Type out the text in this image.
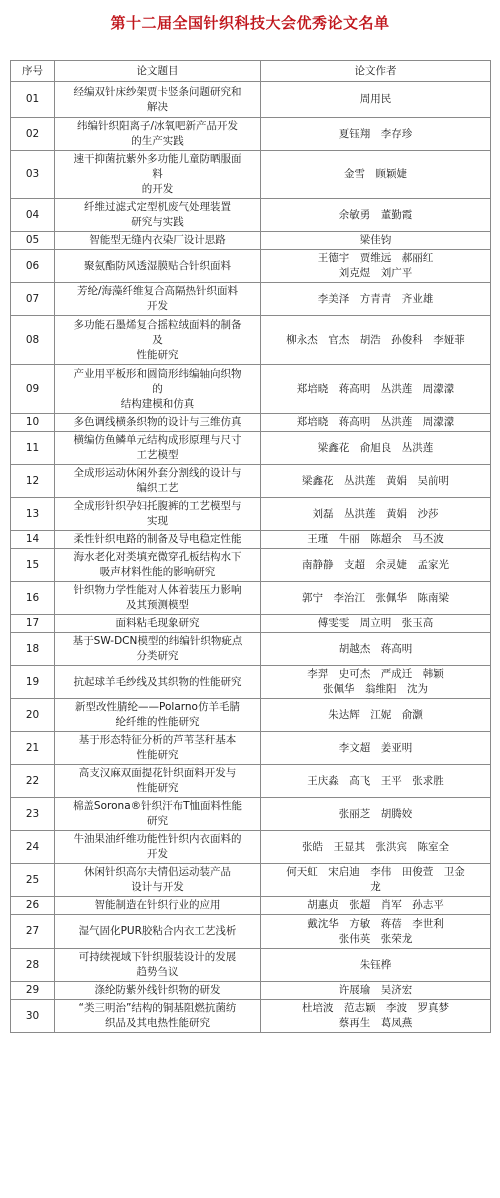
第十二届全国针织科技大会优秀论文名单
序号	论文题目	论文作者
01	经编双针床纱架贾卡竖条问题研究和
解决	周用民

02	纬编针织阳离子/冰氧吧新产品开发
的生产实践	夏钰翔　李存珍

03	速干抑菌抗紫外多功能儿童防晒服面
料
的开发	金雪　顾颖婕

04	纤维过滤式定型机废气处理装置
研究与实践	余敏勇　董勤霞

05	智能型无缝内衣染厂设计思路	梁佳钧

06	聚氨酯防风透湿膜贴合针织面料	王德宇　贾维远　郝丽红
刘克煜　刘广平

07	芳纶/海藻纤维复合高隔热针织面料
开发	李美泽　方青青　齐业雄

08	多功能石墨烯复合摇粒绒面料的制备
及
性能研究	柳永杰　官杰　胡浩　孙俊科　李娅菲

09	产业用平板形和圆筒形纬编轴向织物
的
结构建模和仿真	郑培晓　蒋高明　丛洪莲　周濛濛

10	多色调线横条织物的设计与三维仿真	郑培晓　蒋高明　丛洪莲　周濛濛

11	横编仿鱼鳞单元结构成形原理与尺寸
工艺模型	梁鑫花　俞旭良　丛洪莲

12	全成形运动休闲外套分割线的设计与
编织工艺	梁鑫花　丛洪莲　黄娟　吴前明

13	全成形针织孕妇托腹裤的工艺模型与
实现	刘磊　丛洪莲　黄娟　沙莎

14	柔性针织电路的制备及导电稳定性能	王瑾　牛丽　陈超余　马丕波

15	海水老化对类填充微穿孔板结构水下
吸声材料性能的影响研究	南静静　支超　余灵婕　孟家光

16	针织物力学性能对人体着装压力影响
及其预测模型	郭宁　李治江　张佩华　陈南梁

17	面料粘毛现象研究	傅雯雯　周立明　张玉高

18	基于SW-DCN模型的纬编针织物疵点
分类研究	胡越杰　蒋高明

19	抗起球羊毛纱线及其织物的性能研究	李羿　史可杰　严成迁　韩颖
张佩华　翁维阳　沈为

20	新型改性腈纶——Polarno仿羊毛腈
纶纤维的性能研究	朱达辉　江妮　俞灏

21	基于形态特征分析的芦苇茎秆基本
性能研究	李文超　姜亚明

22	高支汉麻双面提花针织面料开发与
性能研究	王庆淼　高飞　王平　张求胜

23	棉盖Sorona®针织汗布T恤面料性能
研究	张丽芝　胡腾姣

24	牛油果油纤维功能性针织内衣面料的
开发	张皓　王显其　张洪宾　陈室全

25	休闲针织高尔夫情侣运动装产品
设计与开发	何天虹　宋启迪　李伟　田俊萱　卫金
龙

26	智能制造在针织行业的应用	胡惠贞　张超　肖军　孙志平

27	湿气固化PUR胶粘合内衣工艺浅析	戴沈华　方敏　蒋蓓　李世利
张伟英　张荣龙

28	可持续视域下针织服装设计的发展
趋势刍议	朱钰桦

29	涤纶防紫外线针织物的研发	许展瑜　吴济宏

30	“类三明治”结构的铜基阻燃抗菌纺
织品及其电热性能研究	杜培波　范志颖　李波　罗真梦
蔡再生　葛凤燕
